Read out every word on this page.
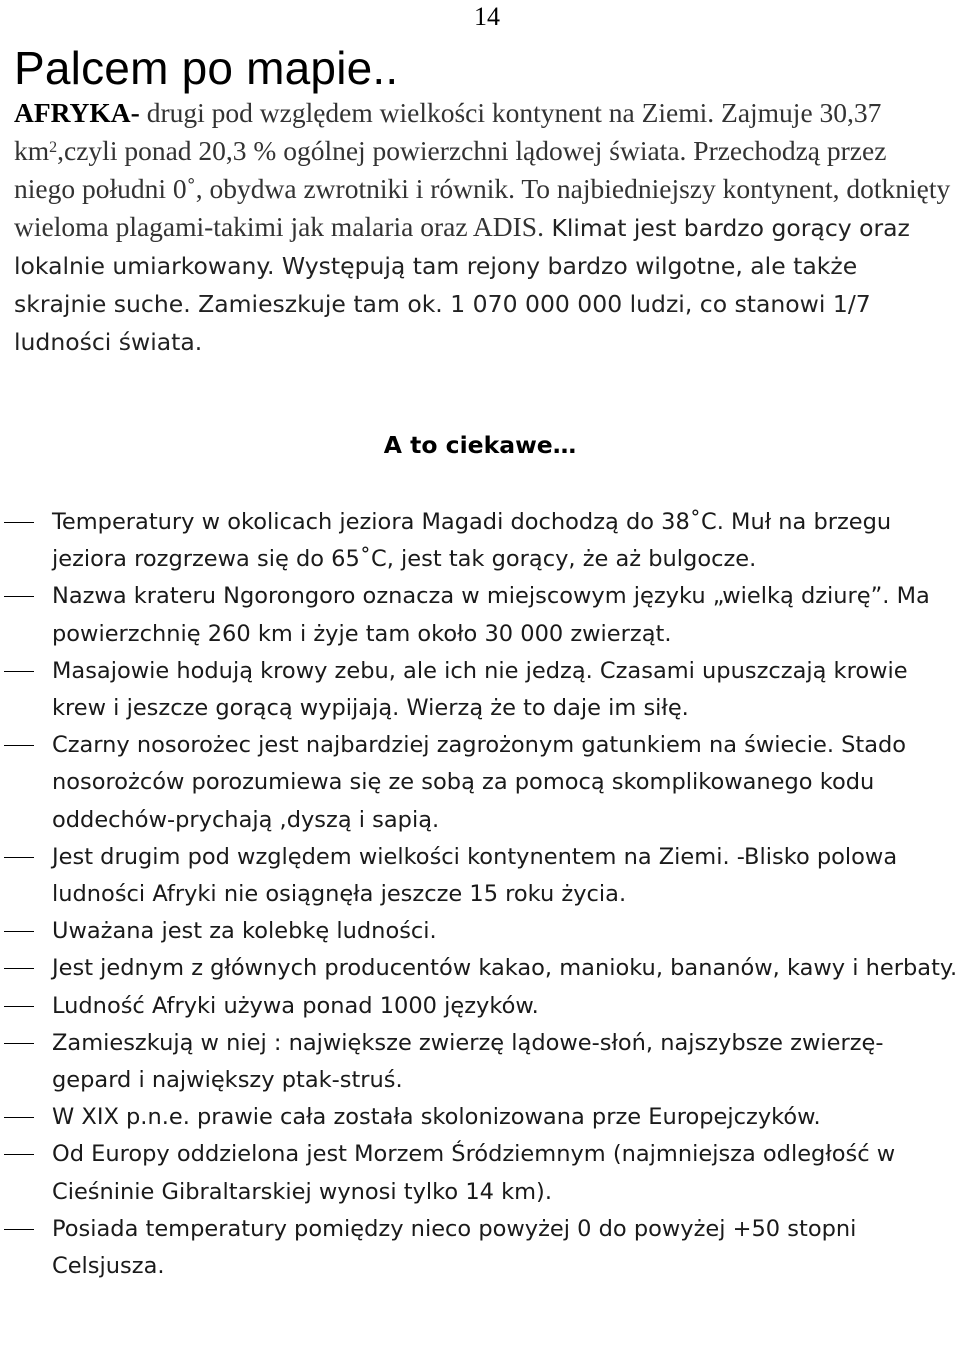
14
Palcem po mapie..

AFRYKA- drugi pod względem wielkości kontynent na Ziemi. Zajmuje 30,37 $km^2,czyli$ ponad 20,3 % ogólnej powierzchni lądowej świata. Przechodzą przez niego południ 0˚, obydwa zwrotniki i równik. To najbiedniejszy kontynent, dotknięty wieloma plagami-takimi jak malaria oraz ADIS. Klimat jest bardzo gorący oraz lokalnie umiarkowany. Występują tam rejony bardzo wilgotne, ale także skrajnie suche. Zamieszkuje tam ok. 1 070 000 000 ludzi, co stanowi 1/7 ludności świata.

A to ciekawe…
Temperatury w okolicach jeziora Magadi dochodzą do 38˚C. Muł na brzegu jeziora rozgrzewa się do 65˚C, jest tak gorący, że aż bulgocze.
Nazwa krateru Ngorongoro oznacza w miejscowym języku „wielką dziurę”. Ma powierzchnię 260 km i żyje tam około 30 000 zwierząt.
Masajowie hodują krowy zebu, ale ich nie jedzą. Czasami upuszczają krowie krew i jeszcze gorącą wypijają. Wierzą że to daje im siłę.
Czarny nosorożec jest najbardziej zagrożonym gatunkiem na świecie. Stado nosorożców porozumiewa się ze sobą za pomocą skomplikowanego kodu oddechów-prychają ,dyszą i sapią.
Jest drugim pod względem wielkości kontynentem na Ziemi. -Blisko polowa ludności Afryki nie osiągnęła jeszcze 15 roku życia.
Uważana jest za kolebkę ludności.
Jest jednym z głównych producentów kakao, manioku, bananów, kawy i herbaty.
Ludność Afryki używa ponad 1000 języków.
Zamieszkują w niej : największe zwierzę lądowe-słoń, najszybsze zwierzę-gepard i największy ptak-struś.
W XIX p.n.e. prawie cała została skolonizowana prze Europejczyków.
Od Europy oddzielona jest Morzem Śródziemnym (najmniejsza odległość w Cieśninie Gibraltarskiej wynosi tylko 14 km).
Posiada temperatury pomiędzy nieco powyżej 0 do powyżej +50 stopni Celsjusza.
